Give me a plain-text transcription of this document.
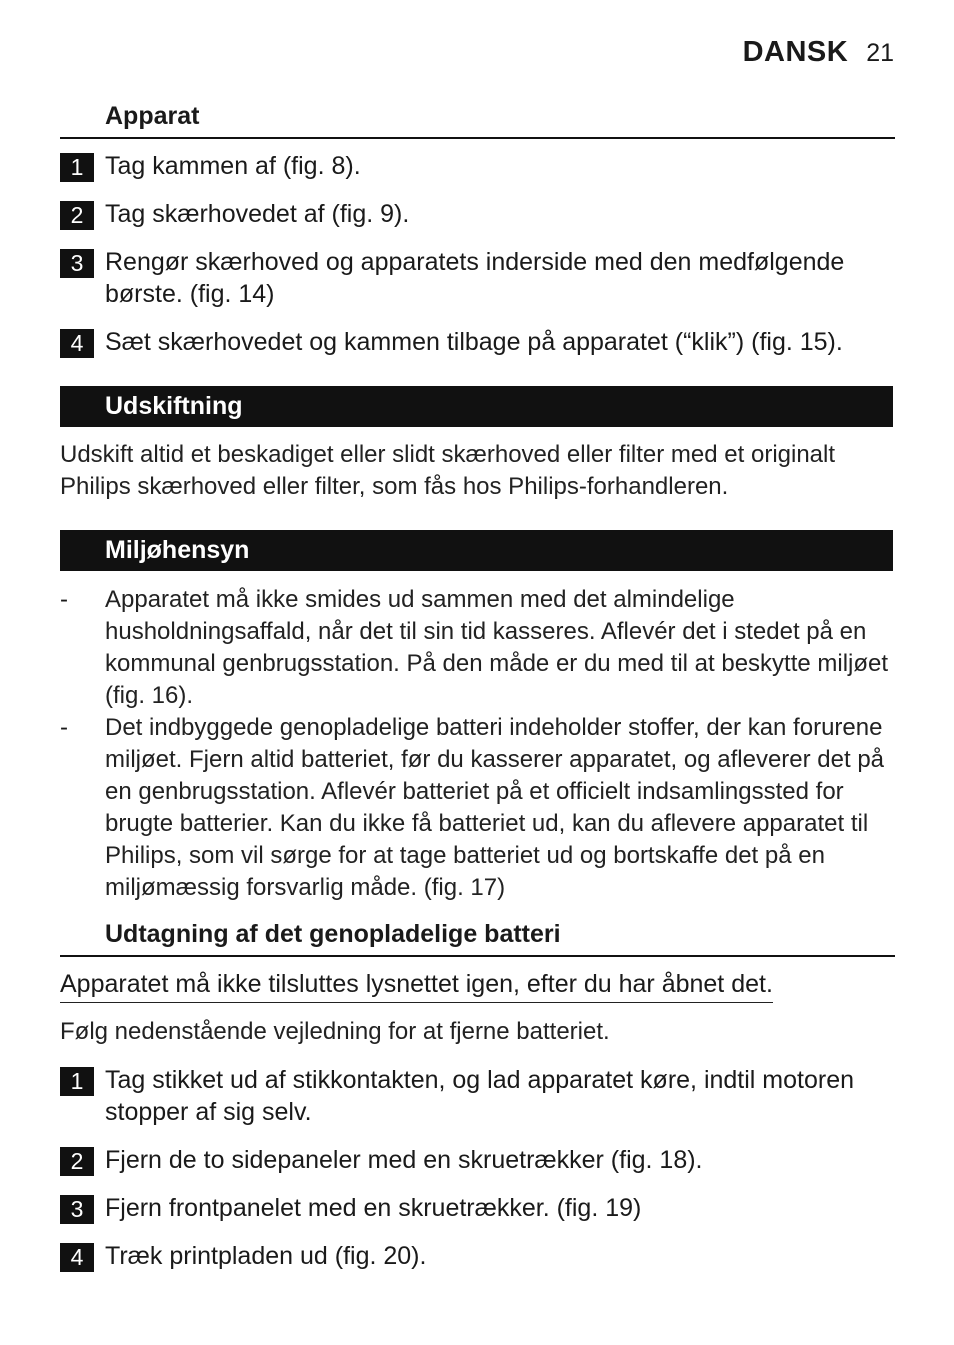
DANSK 21
Apparat
1 Tag kammen af (fig. 8).
2 Tag skærhovedet af (fig. 9).
3 Rengør skærhoved og apparatets inderside med den medfølgende børste. (fig. 14)
4 Sæt skærhovedet og kammen tilbage på apparatet (“klik”) (fig. 15).
Udskiftning
Udskift altid et beskadiget eller slidt skærhoved eller filter med et originalt Philips skærhoved eller filter, som fås hos Philips-forhandleren.
Miljøhensyn
- Apparatet må ikke smides ud sammen med det almindelige husholdningsaffald, når det til sin tid kasseres. Aflevér det i stedet på en kommunal genbrugsstation. På den måde er du med til at beskytte miljøet (fig. 16).
- Det indbyggede genopladelige batteri indeholder stoffer, der kan forurene miljøet. Fjern altid batteriet, før du kasserer apparatet, og afleverer det på en genbrugsstation. Aflevér batteriet på et officielt indsamlingssted for brugte batterier. Kan du ikke få batteriet ud, kan du aflevere apparatet til Philips, som vil sørge for at tage batteriet ud og bortskaffe det på en miljømæssig forsvarlig måde. (fig. 17)
Udtagning af det genopladelige batteri
Apparatet må ikke tilsluttes lysnettet igen, efter du har åbnet det.
Følg nedenstående vejledning for at fjerne batteriet.
1 Tag stikket ud af stikkontakten, og lad apparatet køre, indtil motoren stopper af sig selv.
2 Fjern de to sidepaneler med en skruetrækker (fig. 18).
3 Fjern frontpanelet med en skruetrækker. (fig. 19)
4 Træk printpladen ud (fig. 20).
